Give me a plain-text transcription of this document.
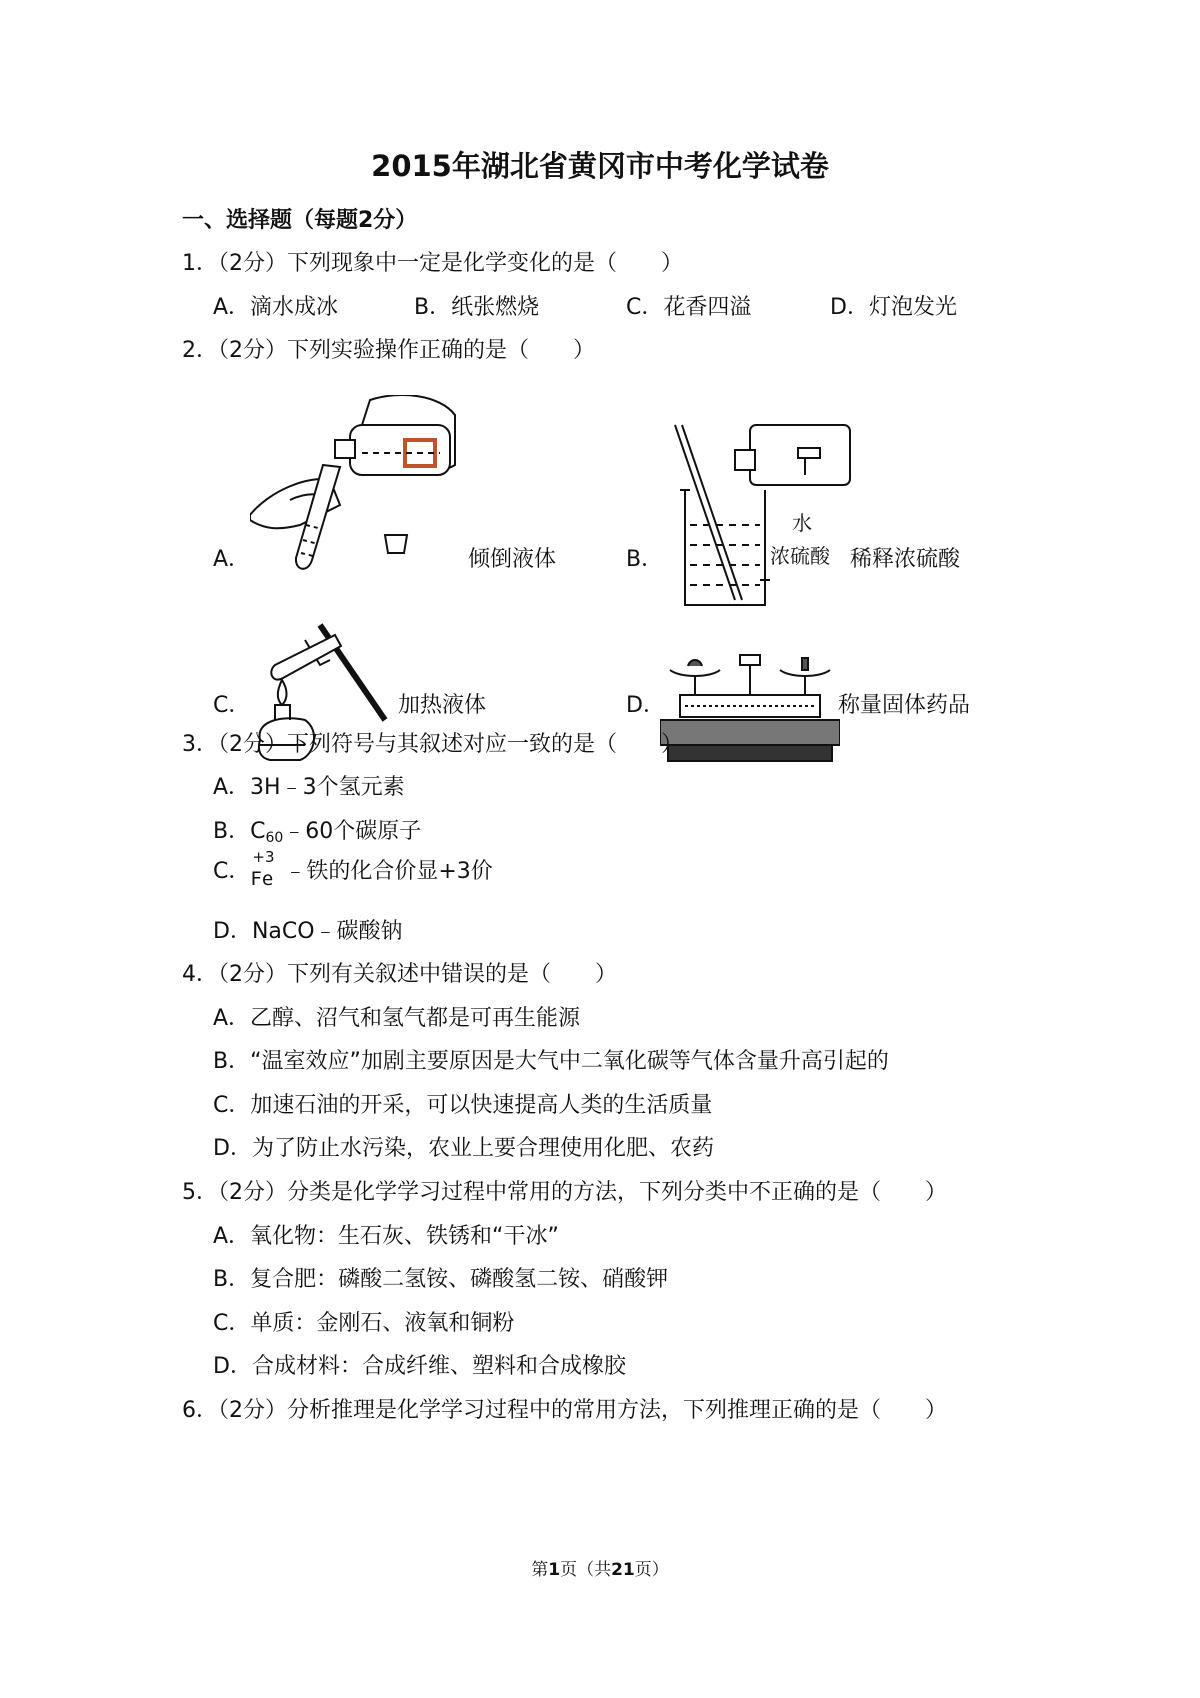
2015年湖北省黄冈市中考化学试卷
一、选择题（每题2分）
1．（2分）下列现象中一定是化学变化的是（　　）
A．滴水成冰	B．纸张燃烧	C．花香四溢	D．灯泡发光
2．（2分）下列实验操作正确的是（　　）
A．	倾倒液体
水
浓硫酸
B．	稀释浓硫酸
C．	加热液体	D．	称量固体药品
3．（2分）下列符号与其叙述对应一致的是（　　）
A．3H﹣3个氢元素
B．$C_{60}﹣60$个碳原子
C．
+3
Fe ﹣铁的化合价显+3价
D．NaCO﹣碳酸钠
4．（2分）下列有关叙述中错误的是（　　）
A．乙醇、沼气和氢气都是可再生能源
B．“温室效应”加剧主要原因是大气中二氧化碳等气体含量升高引起的
C．加速石油的开采，可以快速提高人类的生活质量
D．为了防止水污染，农业上要合理使用化肥、农药
5．（2分）分类是化学学习过程中常用的方法，下列分类中不正确的是（　　）
A．氧化物：生石灰、铁锈和“干冰”
B．复合肥：磷酸二氢铵、磷酸氢二铵、硝酸钾
C．单质：金刚石、液氧和铜粉
D．合成材料：合成纤维、塑料和合成橡胶
6．（2分）分析推理是化学学习过程中的常用方法，下列推理正确的是（　　）
第1页（共21页）
